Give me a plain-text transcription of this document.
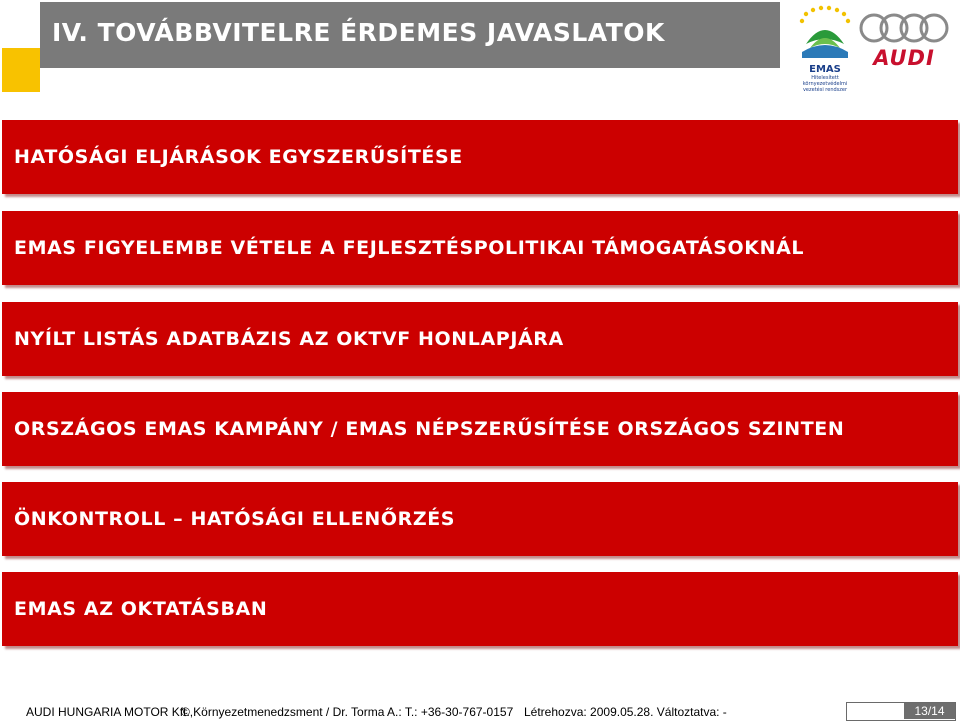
IV. TOVÁBBVITELRE ÉRDEMES JAVASLATOK
EMAS
Hitelesített
környezetvédelmi
vezetési rendszer
AUDI
HATÓSÁGI ELJÁRÁSOK EGYSZERŰSÍTÉSE
EMAS FIGYELEMBE VÉTELE A FEJLESZTÉSPOLITIKAI TÁMOGATÁSOKNÁL
NYÍLT LISTÁS ADATBÁZIS AZ OKTVF HONLAPJÁRA
ORSZÁGOS EMAS KAMPÁNY / EMAS NÉPSZERŰSÍTÉSE ORSZÁGOS SZINTEN
ÖNKONTROLL – HATÓSÁGI ELLENŐRZÉS
EMAS AZ OKTATÁSBAN
AUDI HUNGARIA MOTOR Kft.,
© Környezetmenedzsment / Dr. Torma A.: T.: +36-30-767-0157 Létrehozva: 2009.05.28. Változtatva: -	13/14
